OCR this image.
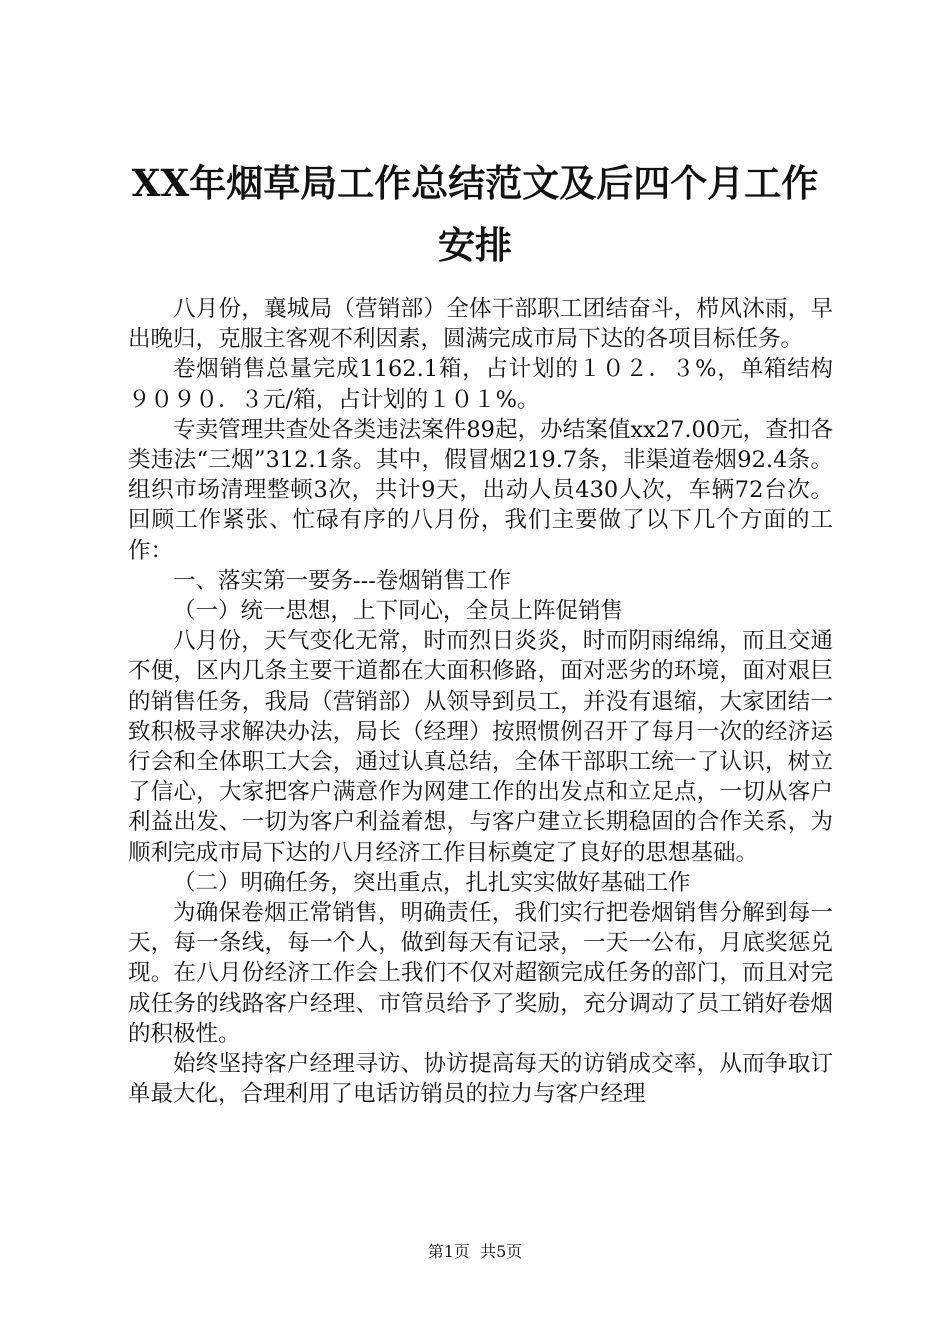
XX年烟草局工作总结范文及后四个月工作安排

八月份，襄城局（营销部）全体干部职工团结奋斗，栉风沐雨，早出晚归，克服主客观不利因素，圆满完成市局下达的各项目标任务。

卷烟销售总量完成1162.1箱，占计划的１０２．３%，单箱结构９０９０．３元/箱，占计划的１０１%。

专卖管理共查处各类违法案件89起，办结案值xx27.00元，查扣各类违法“三烟”312.1条。其中，假冒烟219.7条，非渠道卷烟92.4条。组织市场清理整顿3次，共计9天，出动人员430人次，车辆72台次。回顾工作紧张、忙碌有序的八月份，我们主要做了以下几个方面的工作：

一、落实第一要务---卷烟销售工作

（一）统一思想，上下同心，全员上阵促销售

八月份，天气变化无常，时而烈日炎炎，时而阴雨绵绵，而且交通不便，区内几条主要干道都在大面积修路，面对恶劣的环境，面对艰巨的销售任务，我局（营销部）从领导到员工，并没有退缩，大家团结一致积极寻求解决办法，局长（经理）按照惯例召开了每月一次的经济运行会和全体职工大会，通过认真总结，全体干部职工统一了认识，树立了信心，大家把客户满意作为网建工作的出发点和立足点，一切从客户利益出发、一切为客户利益着想，与客户建立长期稳固的合作关系，为顺利完成市局下达的八月经济工作目标奠定了良好的思想基础。

（二）明确任务，突出重点，扎扎实实做好基础工作

为确保卷烟正常销售，明确责任，我们实行把卷烟销售分解到每一天，每一条线，每一个人，做到每天有记录，一天一公布，月底奖惩兑现。在八月份经济工作会上我们不仅对超额完成任务的部门，而且对完成任务的线路客户经理、市管员给予了奖励，充分调动了员工销好卷烟的积极性。

始终坚持客户经理寻访、协访提高每天的访销成交率，从而争取订单最大化，合理利用了电话访销员的拉力与客户经理

第1页  共5页
